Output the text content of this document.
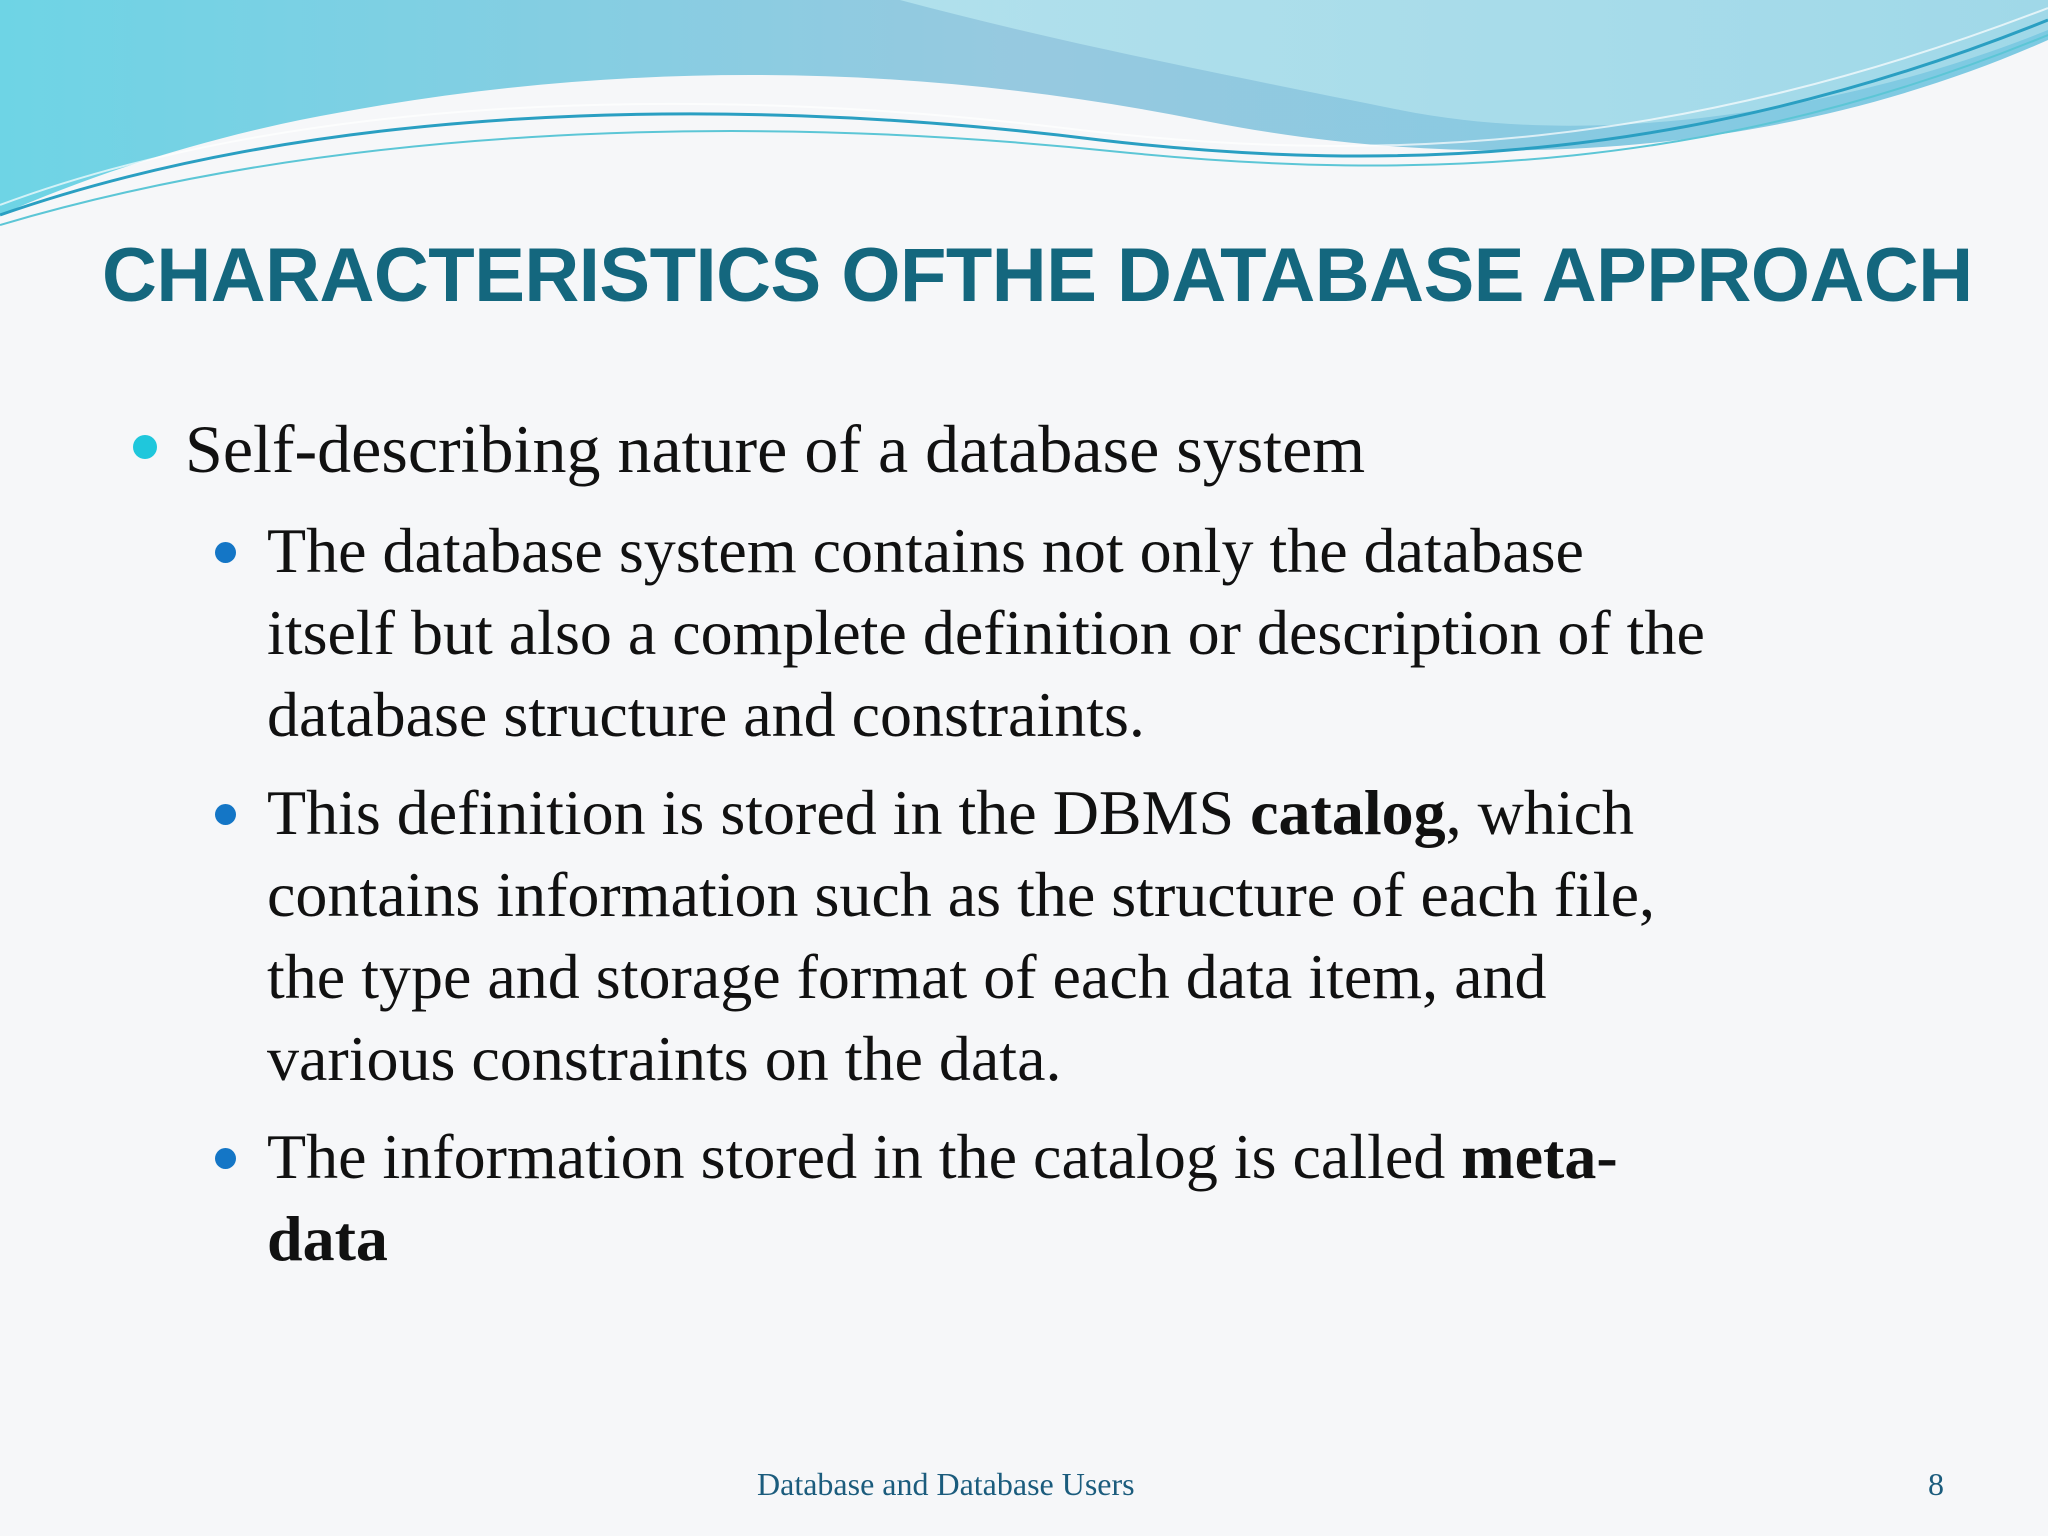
CHARACTERISTICS OFTHE DATABASE APPROACH
Self-describing nature of a database system
The database system contains not only the database
itself but also a complete definition or description of the
database structure and constraints.
This definition is stored in the DBMS catalog, which
contains information such as the structure of each file,
the type and storage format of each data item, and
various constraints on the data.
The information stored in the catalog is called meta-
data
Database and Database Users	8
